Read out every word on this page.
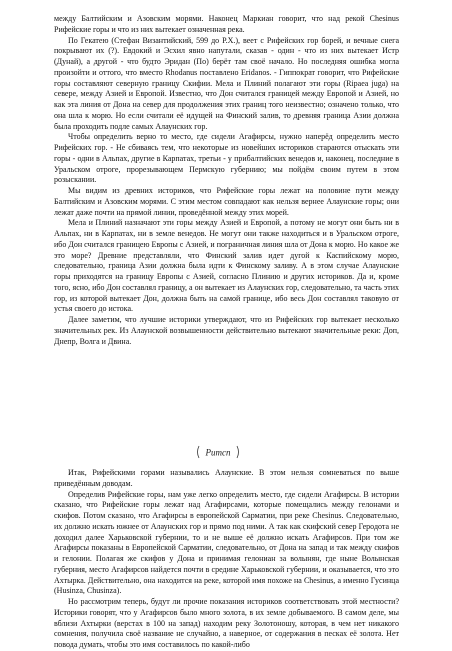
между Балтийским и Азовским морями. Наконец Маркиан говорит, что над рекой Chesinus Рифейские горы и что из них вытекает означенная река.

По Гекатею (Стефан Византийский, 599 до Р.Х.), веет с Рифейских гор борей, и вечные снега покрывают их (?). Евдокий и Эсхил явно напутали, сказав - один - что из них вытекает Истр (Дунай), а другой - что будто Эридан (По) берёт там своё начало. Но последняя ошибка могла произойти и оттого, что вместо Rhodanus поставлено Eridanos. - Гиппократ говорит, что Рифейские горы составляют северную границу Скифии. Мела и Плиний полагают эти горы (Ripaea juga) на севере, между Азией и Европой. Известно, что Дон считался границей между Европой и Азией, но как эта линия от Дона на север для продолжения этих границ того неизвестно; означено только, что она шла к морю. Но если считали её идущей на Финский залив, то древняя граница Азии должна была проходить подле самых Алаунских гор.

Чтобы определить верно то место, где сидели Агафирсы, нужно наперёд определить место Рифейских гор. - Не сбиваясь тем, что некоторые из новейших историков стараются отыскать эти горы - одни в Альпах, другие в Карпатах, третьи - у прибалтийских венедов и, наконец, последние в Уральском отроге, прорезывающем Пермскую губернию; мы пойдём своим путем в этом розыскании.

Мы видим из древних историков, что Рифейские горы лежат на половине пути между Балтийским и Азовским морями. С этим местом совпадают как нельзя вернее Алаунские горы; они лежат даже почти на прямой линии, проведённой между этих морей.

Мела и Плиний назначают эти горы между Азией и Европой, а потому не могут они быть ни в Альпах, ни в Карпатах, ни в земле венедов. Не могут они также находиться и в Уральском отроге, ибо Дон считался границею Европы с Азией, и пограничная линия шла от Дона к морю. Но какое же это море? Древние представляли, что Финский залив идет дугой к Каспийскому морю, следовательно, граница Азии должна была идти к Финскому заливу. А в этом случае Алаунские горы приходятся на границу Европы с Азией, согласно Плинию и других историков. Да и, кроме того, ясно, ибо Дон составлял границу, а он вытекает из Алаунских гор, следовательно, та часть этих гор, из которой вытекает Дон, должна быть на самой границе, ибо весь Дон составлял таковую от устья своего до истока.

Далее заметим, что лучшие историки утверждают, что из Рифейских гор вытекает несколько значительных рек. Из Алаунской возвышенности действительно вытекают значительные реки: Доп, Днепр, Волга и Двина.

Ритсп

Итак, Рифейскими горами назывались Алаунские. В этом нельзя сомневаться по выше приведённым доводам.

Определив Рифейские горы, нам уже легко определить место, где сидели Агафирсы. В истории сказано, что Рифейские горы лежат над Агафирсами, которые помещались между гелонами и скифов. Потом сказано, что Агафирсы в европейской Сарматии, при реке Chesinus. Следовательно, их должно искать южнее от Алаунских гор и прямо под ними. А так как скифский север Геродота не доходил далее Харьковской губернии, то и не выше её должно искать Агафирсов. При том же Агафирсы показаны в Европейской Сарматии, следовательно, от Дона на запад и так между скифов и гелонии. Полагая же скифов у Дона и принимая гелониан за волынян, где ныне Волынская губерния, место Агафирсов найдется почти в средине Харьковской губернии, и оказывается, что это Ахтырка. Действительно, она находится на реке, которой имя похоже на Chesinus, а именно Гусинца (Husinza, Chusinza).

Но рассмотрим теперь, будут ли прочие показания историков соответствовать этой местности? Историки говорят, что у Агафирсов было много золота, в их земле добываемого. В самом деле, мы вблизи Ахтырки (верстах в 100 на запад) находим реку Золотоношу, которая, в чем нет никакого сомнения, получила своё название не случайно, а наверное, от содержания в песках её золота. Нет повода думать, чтобы это имя составилось по какой-либо
